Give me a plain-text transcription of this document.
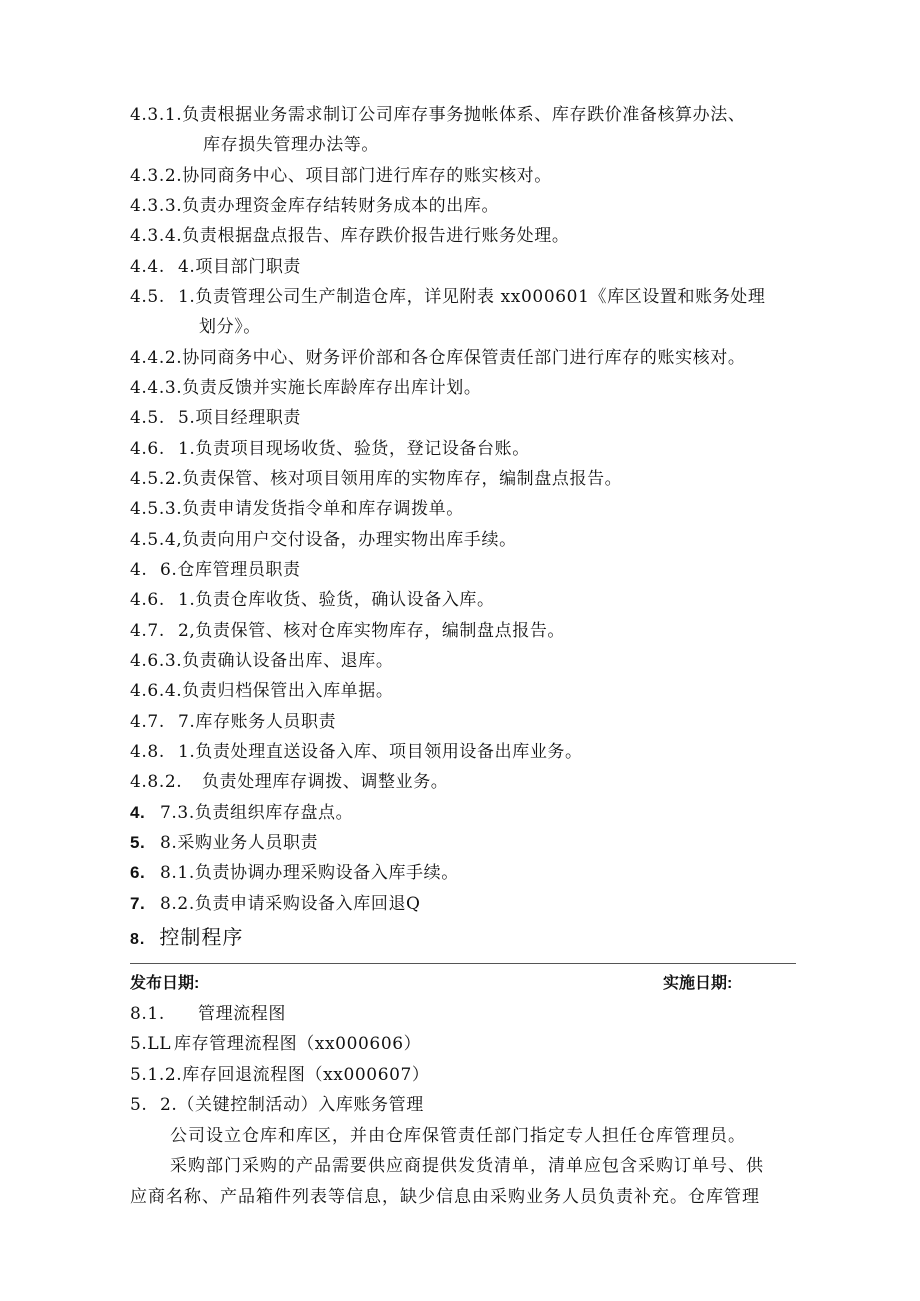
4.3.1.负责根据业务需求制订公司库存事务抛帐体系、库存跌价准备核算办法、
库存损失管理办法等。
4.3.2.协同商务中心、项目部门进行库存的账实核对。
4.3.3.负责办理资金库存结转财务成本的出库。
4.3.4.负责根据盘点报告、库存跌价报告进行账务处理。
4.4. 4.项目部门职责
4.5. 1.负责管理公司生产制造仓库，详见附表 xx000601《库区设置和账务处理
划分》。
4.4.2.协同商务中心、财务评价部和各仓库保管责任部门进行库存的账实核对。
4.4.3.负责反馈并实施长库龄库存出库计划。
4.5. 5.项目经理职责
4.6. 1.负责项目现场收货、验货，登记设备台账。
4.5.2.负责保管、核对项目领用库的实物库存，编制盘点报告。
4.5.3.负责申请发货指令单和库存调拨单。
4.5.4,负责向用户交付设备，办理实物出库手续。
4. 6.仓库管理员职责
4.6. 1.负责仓库收货、验货，确认设备入库。
4.7. 2,负责保管、核对仓库实物库存，编制盘点报告。
4.6.3.负责确认设备出库、退库。
4.6.4.负责归档保管出入库单据。
4.7. 7.库存账务人员职责
4.8. 1.负责处理直送设备入库、项目领用设备出库业务。
4.8.2. 负责处理库存调拨、调整业务。
4. 7.3.负责组织库存盘点。
5. 8.采购业务人员职责
6. 8.1.负责协调办理采购设备入库手续。
7. 8.2.负责申请采购设备入库回退Q
8. 控制程序
发布日期:	实施日期:
8.1. 管理流程图
5.LL 库存管理流程图（xx000606）
5.1.2.库存回退流程图（xx000607）
5. 2.（关键控制活动）入库账务管理
公司设立仓库和库区，并由仓库保管责任部门指定专人担任仓库管理员。
采购部门采购的产品需要供应商提供发货清单，清单应包含采购订单号、供
应商名称、产品箱件列表等信息，缺少信息由采购业务人员负责补充。仓库管理
